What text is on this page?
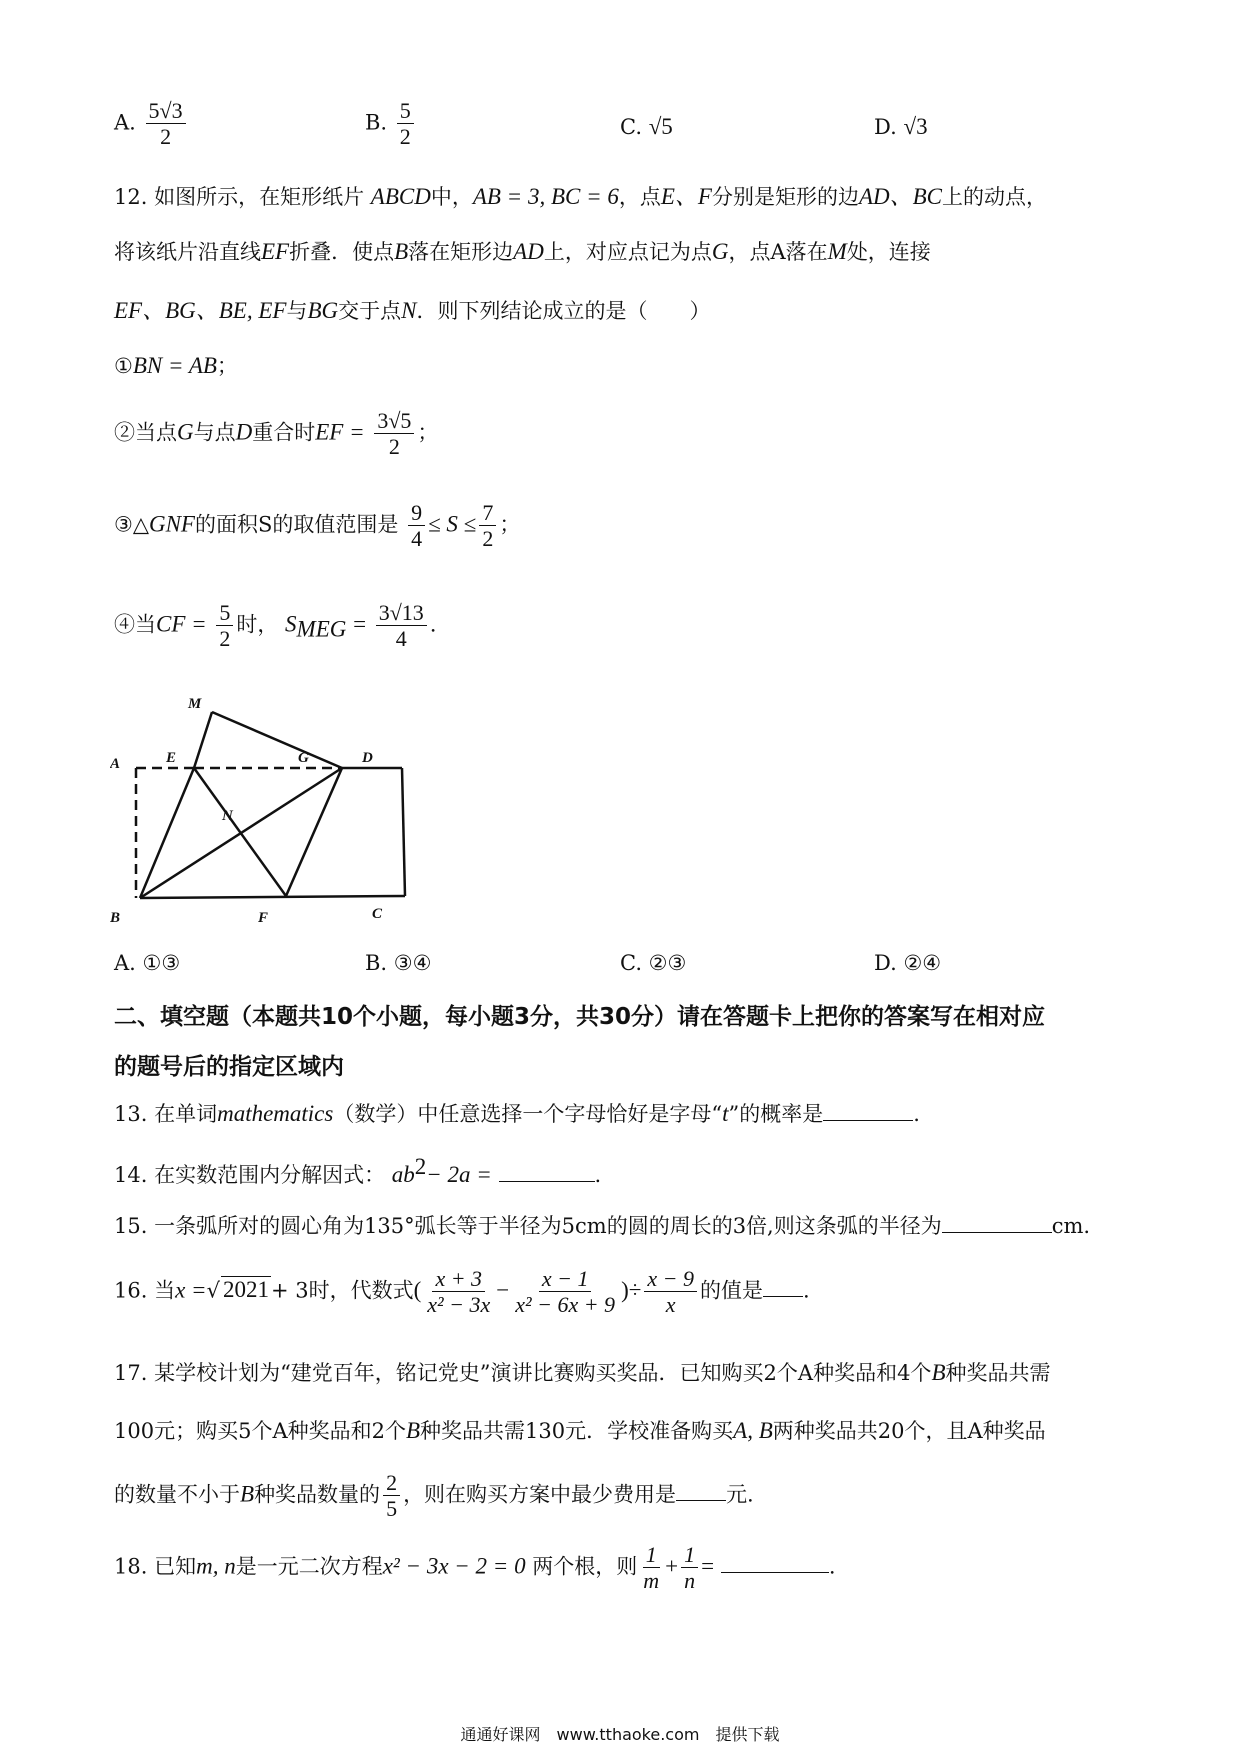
A. $\frac{5√3}{2}$	B. $\frac{5}{2}$	C. √5	D. √3
12. 如图所示，在矩形纸片 ABCD中，AB = 3, BC = 6，点E、F分别是矩形的边AD、BC上的动点，
将该纸片沿直线EF折叠．使点B落在矩形边AD上，对应点记为点G，点A落在M处，连接
EF、BG、BE, EF与BG交于点N．则下列结论成立的是（　　）
①BN = AB；
②当点G与点D重合时EF = $\frac{3√5}{2}$ ；
③△GNF的面积S的取值范围是 $\frac{9}{4} \le S \le \frac{7}{2}$ ；
④当CF = $\frac{5}{2}$ 时， $S_{MEG} = \frac{3√13}{4}$ ．
M
A	E	G	D
N
B	F	C
A. ①③	B. ③④	C. ②③	D. ②④
二、填空题（本题共10个小题，每小题3分，共30分）请在答题卡上把你的答案写在相对应
的题号后的指定区域内
13. 在单词mathematics（数学）中任意选择一个字母恰好是字母“t”的概率是	.
14. 在实数范围内分解因式： $ab^2- 2a$ =	.
15. 一条弧所对的圆心角为135°弧长等于半径为5cm的圆的周长的3倍,则这条弧的半径为	cm.
16. 当x =√ 2021+ 3时，代数式( $\frac{x + 3}{\text{x² − 3x}} - \frac{x - 1}{\text{x² − 6x + 9}}$ )÷ $\frac{x - 9}{x}$ 的值是 .
17. 某学校计划为“建党百年，铭记党史”演讲比赛购买奖品．已知购买2个A种奖品和4个B种奖品共需
100元；购买5个A种奖品和2个B种奖品共需130元．学校准备购买A, B两种奖品共20个，且A种奖品
的数量不小于B种奖品数量的 $\frac{2}{5}$ ，则在购买方案中最少费用是 元.
18. 已知m, n是一元二次方程x² − 3x − 2 = 0 两个根，则 $\frac{1}{m} + \frac{1}{n}$ =	.
通通好课网　www.tthaoke.com　提供下载
